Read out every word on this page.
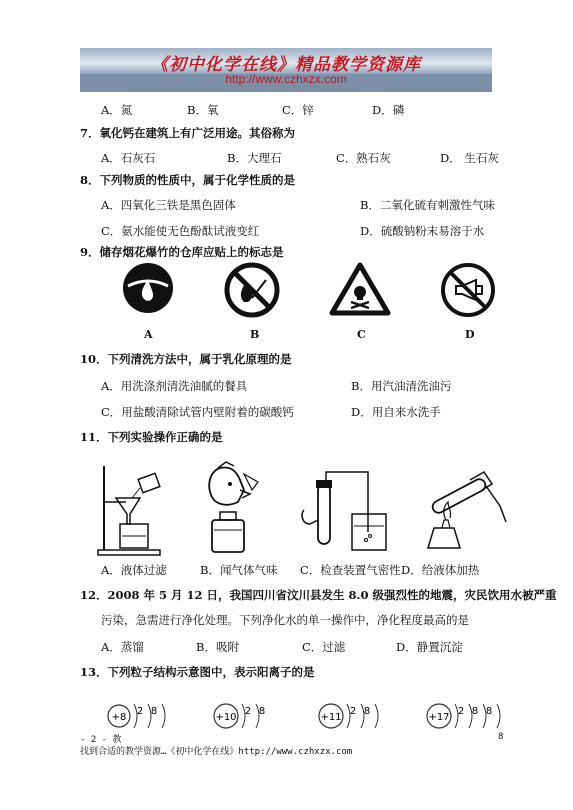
《初中化学在线》精品教学资源库
http://www.czhxzx.com
A．氮	B．氧	C．锌	D．磷
7．氧化钙在建筑上有广泛用途。其俗称为
A．石灰石	B．大理石	C．熟石灰	D． 生石灰
8．下列物质的性质中，属于化学性质的是
A．四氧化三铁是黑色固体	B．二氧化硫有刺激性气味
C．氨水能使无色酚酞试液变红	D．硫酸钠粉末易溶于水
9．储存烟花爆竹的仓库应贴上的标志是
A	B	C	D
10．下列清洗方法中，属于乳化原理的是
A．用洗涤剂清洗油腻的餐具	B．用汽油清洗油污
C．用盐酸清除试管内壁附着的碳酸钙	D．用自来水洗手
11．下列实验操作正确的是
A．液体过滤	B．闻气体气味 C．检查装置气密性 D．给液体加热
12．2008 年 5 月 12 日，我国四川省汶川县发生 8.0 级强烈性的地震，灾民饮用水被严重
污染，急需进行净化处理。下列净化水的单一操作中，净化程度最高的是
A．蒸馏	B．吸附	C．过滤	D．静置沉淀
13．下列粒子结构示意图中，表示阳离子的是
+8
2 8
+10
2 8
+11
2 8
+17
2 8 8
- 2 - 教	8
找到合适的教学资源…《初中化学在线》http://www.czhxzx.com
